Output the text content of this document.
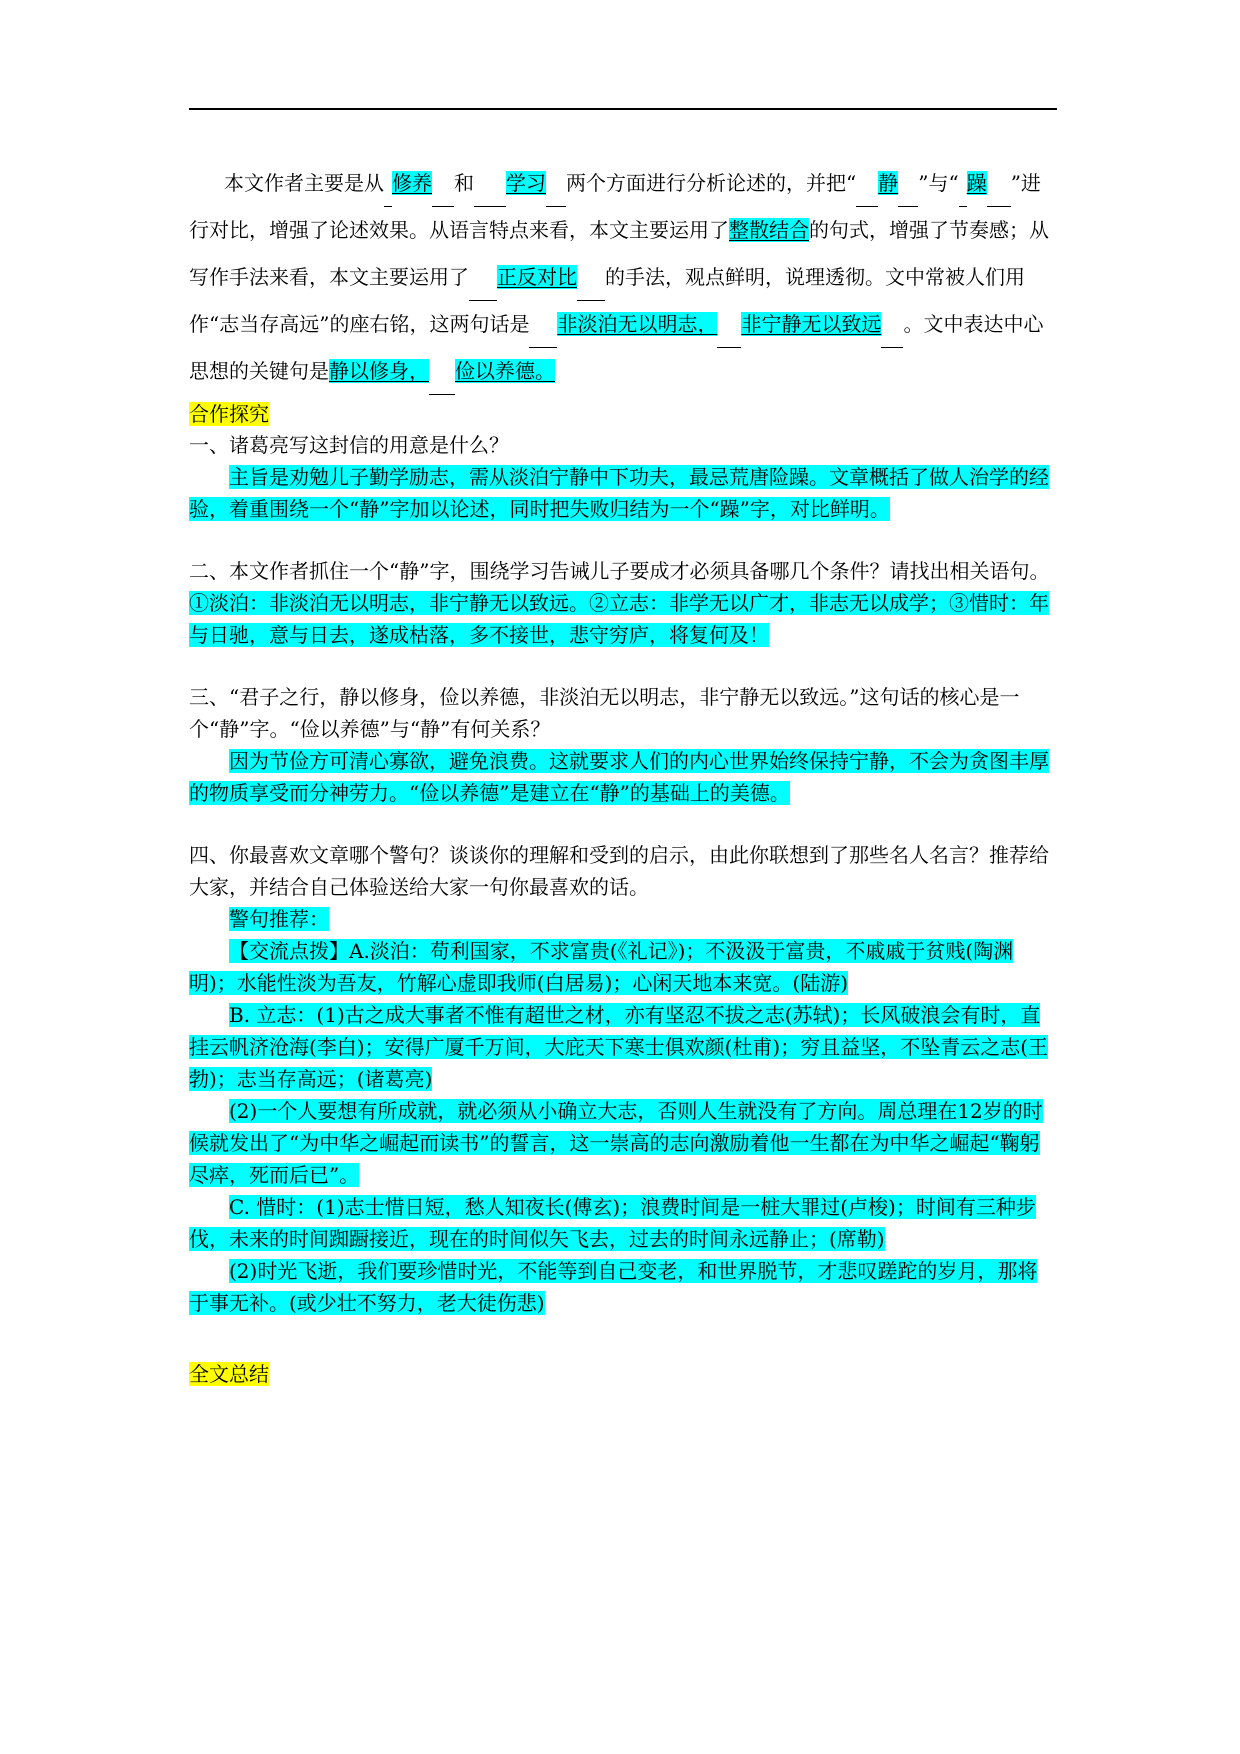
本文作者主要是从 修养 和 学习 两个方面进行分析论述的，并把“ 静 ”与“ 躁 ”进行对比，增强了论述效果。从语言特点来看，本文主要运用了整散结合的句式，增强了节奏感；从写作手法来看，本文主要运用了 正反对比 的手法，观点鲜明，说理透彻。文中常被人们用作“志当存高远”的座右铭，这两句话是 非淡泊无以明志， 非宁静无以致远 。文中表达中心思想的关键句是静以修身， 俭以养德。

合作探究

一、诸葛亮写这封信的用意是什么？

主旨是劝勉儿子勤学励志，需从淡泊宁静中下功夫，最忌荒唐险躁。文章概括了做人治学的经验，着重围绕一个“静”字加以论述，同时把失败归结为一个“躁”字，对比鲜明。

二、本文作者抓住一个“静”字，围绕学习告诫儿子要成才必须具备哪几个条件？请找出相关语句。

①淡泊：非淡泊无以明志，非宁静无以致远。②立志：非学无以广才，非志无以成学；③惜时：年与日驰，意与日去，遂成枯落，多不接世，悲守穷庐，将复何及！

三、“君子之行，静以修身，俭以养德，非淡泊无以明志，非宁静无以致远。”这句话的核心是一个“静”字。“俭以养德”与“静”有何关系？

因为节俭方可清心寡欲，避免浪费。这就要求人们的内心世界始终保持宁静，不会为贪图丰厚的物质享受而分神劳力。“俭以养德”是建立在“静”的基础上的美德。

四、你最喜欢文章哪个警句？谈谈你的理解和受到的启示，由此你联想到了那些名人名言？推荐给大家，并结合自己体验送给大家一句你最喜欢的话。

警句推荐：

【交流点拨】A.淡泊：苟利国家，不求富贵(《礼记》)；不汲汲于富贵，不戚戚于贫贱(陶渊明)；水能性淡为吾友，竹解心虚即我师(白居易)；心闲天地本来宽。(陆游)

B. 立志：(1)古之成大事者不惟有超世之材，亦有坚忍不拔之志(苏轼)；长风破浪会有时，直挂云帆济沧海(李白)；安得广厦千万间，大庇天下寒士俱欢颜(杜甫)；穷且益坚，不坠青云之志(王勃)；志当存高远；(诸葛亮)

(2)一个人要想有所成就，就必须从小确立大志，否则人生就没有了方向。周总理在12岁的时候就发出了“为中华之崛起而读书”的誓言，这一崇高的志向激励着他一生都在为中华之崛起“鞠躬尽瘁，死而后已”。

C. 惜时：(1)志士惜日短，愁人知夜长(傅玄)；浪费时间是一桩大罪过(卢梭)；时间有三种步伐，未来的时间踟蹰接近，现在的时间似矢飞去，过去的时间永远静止；(席勒)

(2)时光飞逝，我们要珍惜时光，不能等到自己变老，和世界脱节，才悲叹蹉跎的岁月，那将于事无补。(或少壮不努力，老大徒伤悲)

全文总结
